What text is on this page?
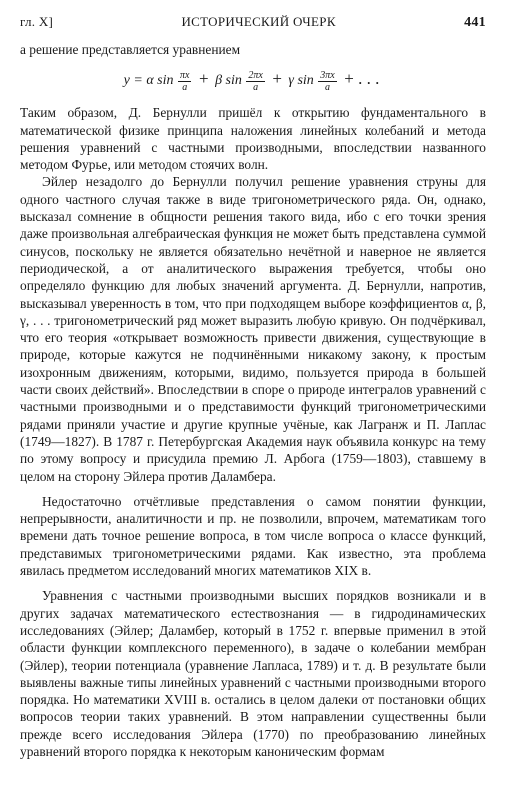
гл. X]	ИСТОРИЧЕСКИЙ ОЧЕРК	441

а решение представляется уравнением

y = α $\sin \frac{\pi x}{a} + \beta$ $\sin \frac{2\pi x}{a} + \gamma$ $\sin \frac{3\pi x}{a}$ + . . .

Таким образом, Д. Бернулли пришёл к открытию фундаментального в математической физике принципа наложения линейных колебаний и метода решения уравнений с частными производными, впоследствии названного методом Фурье, или методом стоячих волн.

Эйлер незадолго до Бернулли получил решение уравнения струны для одного частного случая также в виде тригонометрического ряда. Он, однако, высказал сомнение в общности решения такого вида, ибо с его точки зрения даже произвольная алгебраическая функция не может быть представлена суммой синусов, поскольку не является обязательно нечётной и наверное не является периодической, а от аналитического выражения требуется, чтобы оно определяло функцию для любых значений аргумента. Д. Бернулли, напротив, высказывал уверенность в том, что при подходящем выборе коэффициентов α, β, γ, . . . тригонометрический ряд может выразить любую кривую. Он подчёркивал, что его теория «открывает возможность привести движения, существующие в природе, которые кажутся не подчинёнными никакому закону, к простым изохронным движениям, которыми, видимо, пользуется природа в большей части своих действий». Впоследствии в споре о природе интегралов уравнений с частными производными и о представимости функций тригонометрическими рядами приняли участие и другие крупные учёные, как Лагранж и П. Лаплас (1749—1827). В 1787 г. Петербургская Академия наук объявила конкурс на тему по этому вопросу и присудила премию Л. Арбога (1759—1803), ставшему в целом на сторону Эйлера против Даламбера.

Недостаточно отчётливые представления о самом понятии функции, непрерывности, аналитичности и пр. не позволили, впрочем, математикам того времени дать точное решение вопроса, в том числе вопроса о классе функций, представимых тригонометрическими рядами. Как известно, эта проблема явилась предметом исследований многих математиков XIX в.

Уравнения с частными производными высших порядков возникали и в других задачах математического естествознания — в гидродинамических исследованиях (Эйлер; Даламбер, который в 1752 г. впервые применил в этой области функции комплексного переменного), в задаче о колебании мембран (Эйлер), теории потенциала (уравнение Лапласа, 1789) и т. д. В результате были выявлены важные типы линейных уравнений с частными производными второго порядка. Но математики XVIII в. остались в целом далеки от постановки общих вопросов теории таких уравнений. В этом направлении существенны были прежде всего исследования Эйлера (1770) по преобразованию линейных уравнений второго порядка к некоторым каноническим формам
